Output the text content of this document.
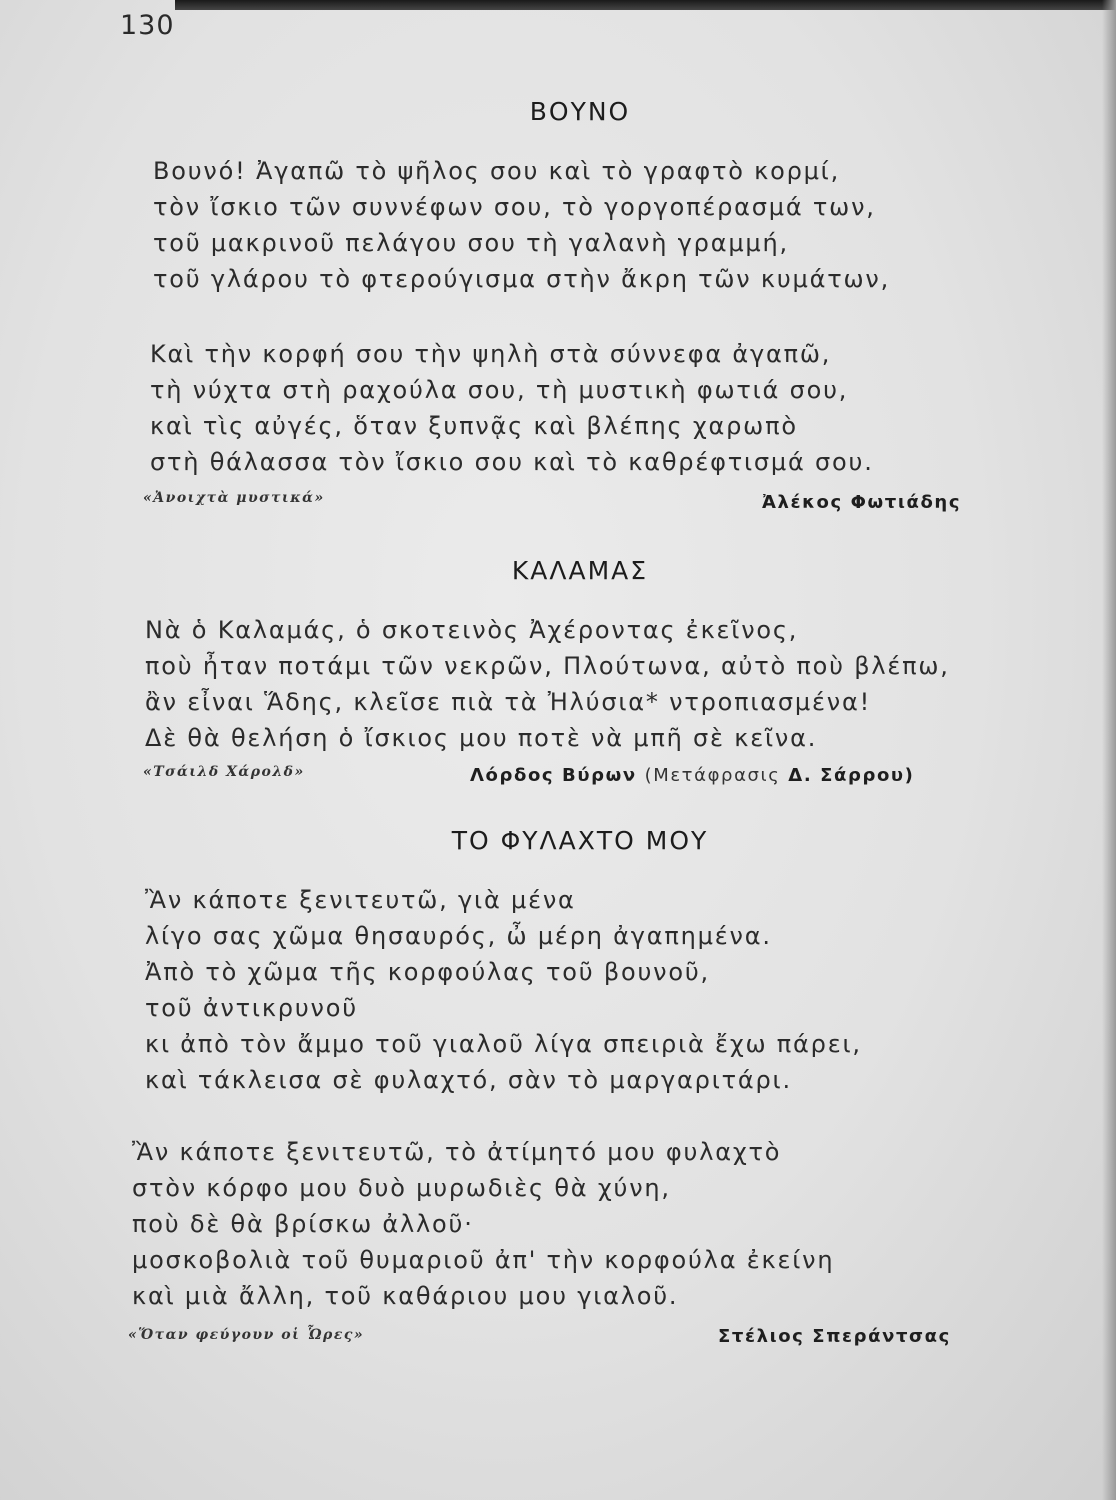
130
ΒΟΥΝΟ
Βουνό! Ἀγαπῶ τὸ ψῆλος σου καὶ τὸ γραφτὸ κορμί,
τὸν ἴσκιο τῶν συννέφων σου, τὸ γοργοπέρασμά των,
τοῦ μακρινοῦ πελάγου σου τὴ γαλανὴ γραμμή,
τοῦ γλάρου τὸ φτερούγισμα στὴν ἄκρη τῶν κυμάτων,
Καὶ τὴν κορφή σου τὴν ψηλὴ στὰ σύννεφα ἀγαπῶ,
τὴ νύχτα στὴ ραχούλα σου, τὴ μυστικὴ φωτιά σου,
καὶ τὶς αὐγές, ὅταν ξυπνᾷς καὶ βλέπης χαρωπὸ
στὴ θάλασσα τὸν ἴσκιο σου καὶ τὸ καθρέφτισμά σου.
«Ἀνοιχτὰ μυστικά»	Ἀλέκος Φωτιάδης
ΚΑΛΑΜΑΣ
Νὰ ὁ Καλαμάς, ὁ σκοτεινὸς Ἀχέροντας ἐκεῖνος,
ποὺ ἦταν ποτάμι τῶν νεκρῶν, Πλούτωνα, αὐτὸ ποὺ βλέπω,
ἂν εἶναι Ἅδης, κλεῖσε πιὰ τὰ Ἠλύσια* ντροπιασμένα!
Δὲ θὰ θελήση ὁ ἴσκιος μου ποτὲ νὰ μπῆ σὲ κεῖνα.
«Τσάιλδ Χάρολδ»	Λόρδος Βύρων (Μετάφρασις Δ. Σάρρου)
ΤΟ ΦΥΛΑΧΤΟ ΜΟΥ
Ἂν κάποτε ξενιτευτῶ, γιὰ μένα
λίγο σας χῶμα θησαυρός, ὦ μέρη ἀγαπημένα.
Ἀπὸ τὸ χῶμα τῆς κορφούλας τοῦ βουνοῦ,
τοῦ ἀντικρυνοῦ
κι ἀπὸ τὸν ἄμμο τοῦ γιαλοῦ λίγα σπειριὰ ἔχω πάρει,
καὶ τάκλεισα σὲ φυλαχτό, σὰν τὸ μαργαριτάρι.
Ἂν κάποτε ξενιτευτῶ, τὸ ἀτίμητό μου φυλαχτὸ
στὸν κόρφο μου δυὸ μυρωδιὲς θὰ χύνη,
ποὺ δὲ θὰ βρίσκω ἀλλοῦ·
μοσκοβολιὰ τοῦ θυμαριοῦ ἀπ' τὴν κορφούλα ἐκείνη
καὶ μιὰ ἄλλη, τοῦ καθάριου μου γιαλοῦ.
«Ὅταν φεύγουν οἱ Ὧρες»	Στέλιος Σπεράντσας
